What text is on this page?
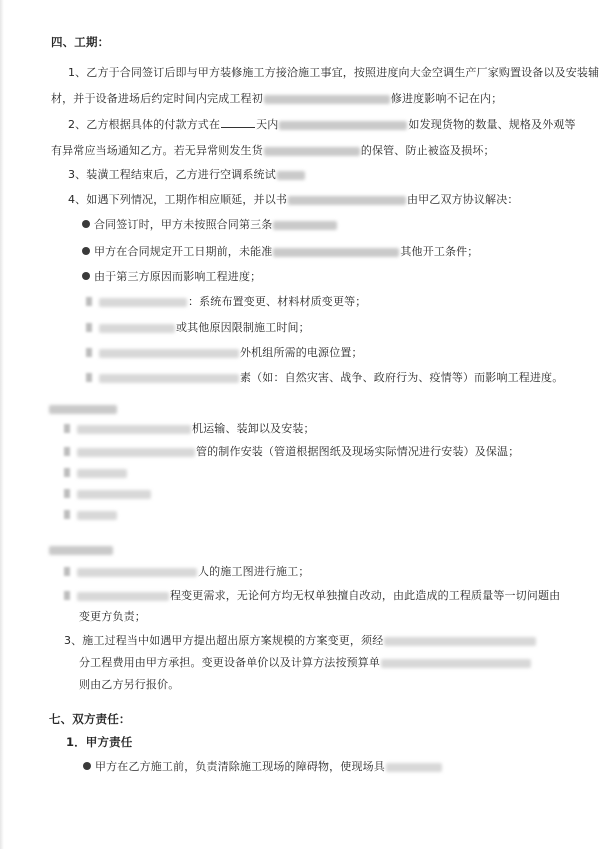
四、工期：
1、乙方于合同签订后即与甲方装修施工方接洽施工事宜，按照进度向大金空调生产厂家购置设备以及安装辅
材，并于设备进场后约定时间内完成工程初	修进度影响不记在内；
2、乙方根据具体的付款方式在	天内	如发现货物的数量、规格及外观等
有异常应当场通知乙方。若无异常则发生货	的保管、防止被盗及损坏；
3、装潢工程结束后，乙方进行空调系统试
4、如遇下列情况，工期作相应顺延，并以书	由甲乙双方协议解决：
合同签订时，甲方未按照合同第三条
甲方在合同规定开工日期前，未能准	其他开工条件；
由于第三方原因而影响工程进度；
：系统布置变更、材料材质变更等；
或其他原因限制施工时间；
外机组所需的电源位置；
素（如：自然灾害、战争、政府行为、疫情等）而影响工程进度。
机运输、装卸以及安装；
管的制作安装（管道根据图纸及现场实际情况进行安装）及保温；
人的施工图进行施工；
程变更需求，无论何方均无权单独擅自改动，由此造成的工程质量等一切问题由
变更方负责；
3、施工过程当中如遇甲方提出超出原方案规模的方案变更，须经
分工程费用由甲方承担。变更设备单价以及计算方法按预算单
则由乙方另行报价。
七、双方责任：
1．甲方责任
甲方在乙方施工前，负责清除施工现场的障碍物，使现场具
